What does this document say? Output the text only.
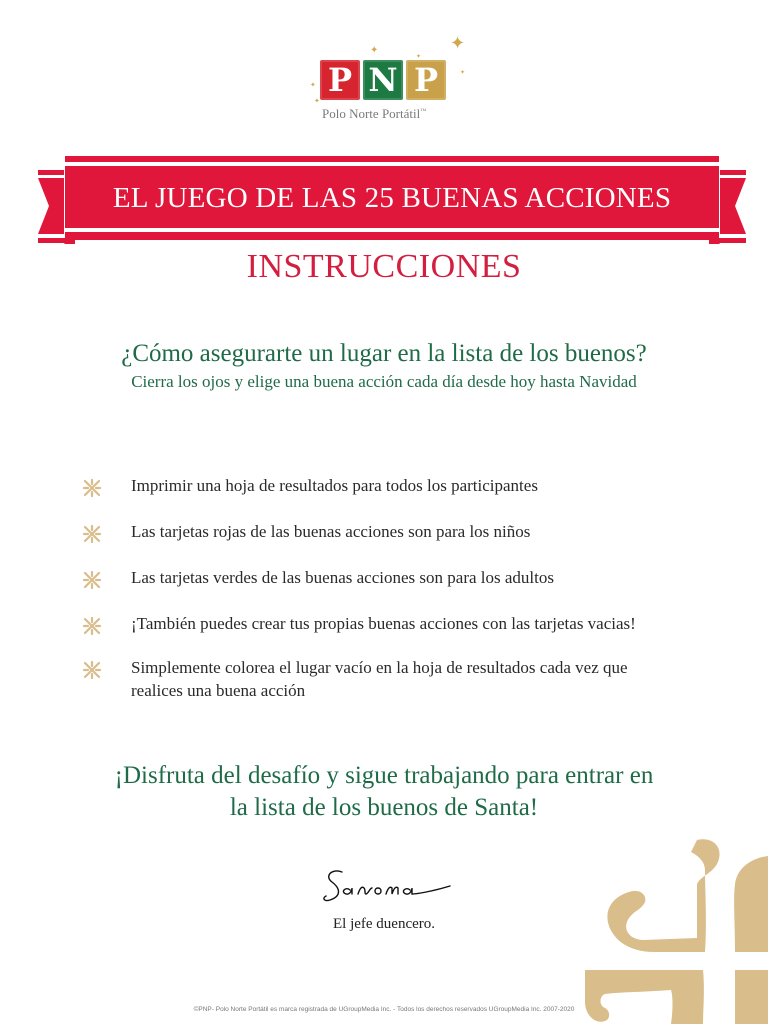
✦	✦
✦
✦
✦
✦
P N P
Polo Norte Portátil™
EL JUEGO DE LAS 25 BUENAS ACCIONES
INSTRUCCIONES
¿Cómo asegurarte un lugar en la lista de los buenos?
Cierra los ojos y elige una buena acción cada día desde hoy hasta Navidad
Imprimir una hoja de resultados para todos los participantes
Las tarjetas rojas de las buenas acciones son para los niños
Las tarjetas verdes de las buenas acciones son para los adultos
¡También puedes crear tus propias buenas acciones con las tarjetas vacias!
Simplemente colorea el lugar vacío en la hoja de resultados cada vez que realices una buena acción
¡Disfruta del desafío y sigue trabajando para entrar en
la lista de los buenos de Santa!
El jefe duencero.
©PNP- Polo Norte Portátil es marca registrada de UGroupMedia Inc. - Todos los derechos reservados UGroupMedia Inc. 2007-2020
